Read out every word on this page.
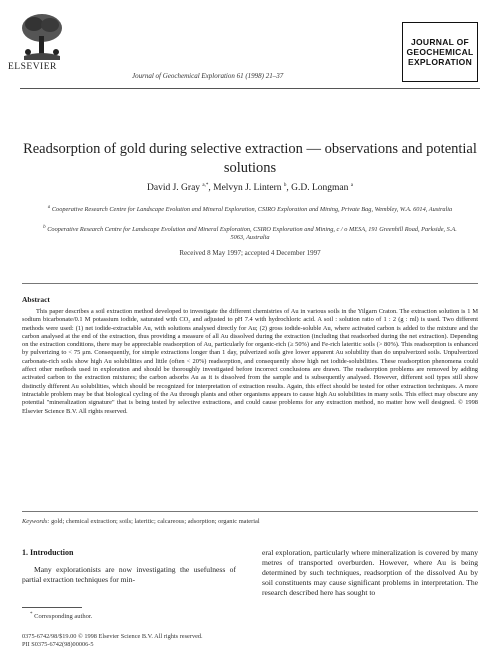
JOURNAL OF
GEOCHEMICAL
EXPLORATION
ELSEVIER
Journal of Geochemical Exploration 61 (1998) 21–37
Readsorption of gold during selective extraction — observations and potential solutions
David J. Gray $^{a,*}$, Melvyn J. Lintern $^b$, G.D. Longman $^a$
$^a$ Cooperative Research Centre for Landscape Evolution and Mineral Exploration, CSIRO Exploration and Mining, Private Bag, Wembley, W.A. 6014, Australia
$^b$ Cooperative Research Centre for Landscape Evolution and Mineral Exploration, CSIRO Exploration and Mining, c / o MESA, 191 Greenhill Road, Parkside, S.A. 5063, Australia
Received 8 May 1997; accepted 4 December 1997
Abstract
This paper describes a soil extraction method developed to investigate the different chemistries of Au in various soils in the Yilgarn Craton. The extraction solution is 1 M sodium bicarbonate/0.1 M potassium iodide, saturated with CO₂ and adjusted to pH 7.4 with hydrochloric acid. A soil : solution ratio of 1 : 2 (g : ml) is used. Two different methods were used: (1) net iodide-extractable Au, with solutions analysed directly for Au; (2) gross iodide-soluble Au, where activated carbon is added to the mixture and the carbon analysed at the end of the extraction, thus providing a measure of all Au dissolved during the extraction (including that readsorbed during the net extraction). Depending on the extraction conditions, there may be appreciable readsorption of Au, particularly for organic-rich (≥ 50%) and Fe-rich lateritic soils (> 80%). This readsorption is enhanced by pulverizing to < 75 μm. Consequently, for simple extractions longer than 1 day, pulverized soils give lower apparent Au solubility than do unpulverized soils. Unpulverized carbonate-rich soils show high Au solubilities and little (often < 20%) readsorption, and consequently show high net iodide-solubilities. These readsorption phenomena could affect other methods used in exploration and should be thoroughly investigated before incorrect conclusions are drawn. The readsorption problems are removed by adding activated carbon to the extraction mixtures; the carbon adsorbs Au as it is dissolved from the sample and is subsequently analysed. However, different soil types still show distinctly different Au solubilities, which should be recognized for interpretation of extraction results. Again, this effect should be tested for other extraction techniques. A more intractable problem may be that biological cycling of the Au through plants and other organisms appears to cause high Au solubilities in many soils. This effect may obscure any potential "mineralization signature" that is being tested by selective extractions, and could cause problems for any extraction method, no matter how well designed. © 1998 Elsevier Science B.V. All rights reserved.
Keywords: gold; chemical extraction; soils; lateritic; calcareous; adsorption; organic material
1. Introduction
Many explorationists are now investigating the usefulness of partial extraction techniques for min-
eral exploration, particularly where mineralization is covered by many metres of transported overburden. However, where Au is being determined by such techniques, readsorption of the dissolved Au by soil constituents may cause significant problems in interpretation. The research described here has sought to
* Corresponding author.
0375-6742/98/$19.00 © 1998 Elsevier Science B.V. All rights reserved.
PII S0375-6742(98)00006-5
